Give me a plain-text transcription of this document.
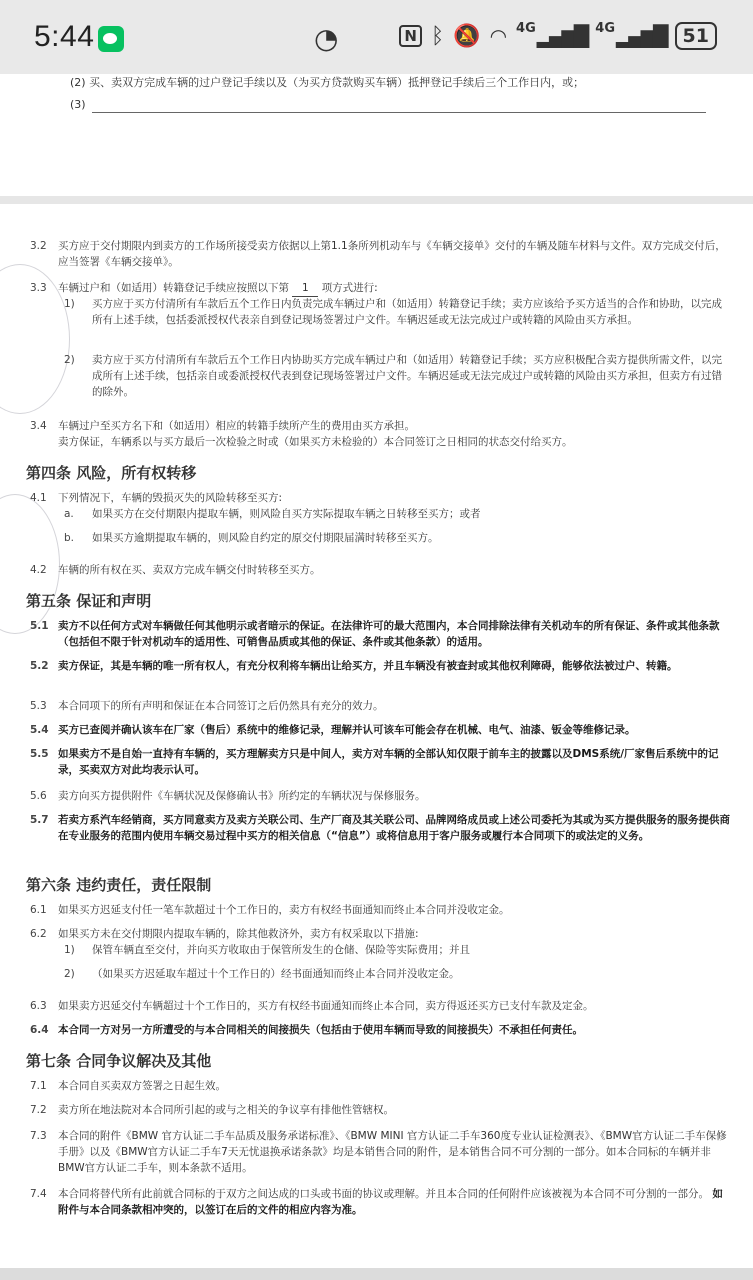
5:44	◔	N ᛒ 🔕 ◠ 4G ▂▄▆█ 4G ▂▄▆█ 51
(2) 买、卖双方完成车辆的过户登记手续以及（为买方贷款购买车辆）抵押登记手续后三个工作日内，或；
(3)
3.2	买方应于交付期限内到卖方的工作场所接受卖方依据以上第1.1条所列机动车与《车辆交接单》交付的车辆及随车材料与文件。双方完成交付后，应当签署《车辆交接单》。
3.3	车辆过户和（如适用）转籍登记手续应按照以下第 1 项方式进行:
1)	买方应于买方付清所有车款后五个工作日内负责完成车辆过户和（如适用）转籍登记手续；卖方应该给予买方适当的合作和协助，以完成所有上述手续，包括委派授权代表亲自到登记现场签署过户文件。车辆迟延或无法完成过户或转籍的风险由买方承担。
2)	卖方应于买方付清所有车款后五个工作日内协助买方完成车辆过户和（如适用）转籍登记手续；买方应积极配合卖方提供所需文件，以完成所有上述手续，包括亲自或委派授权代表到登记现场签署过户文件。车辆迟延或无法完成过户或转籍的风险由买方承担，但卖方有过错的除外。
3.4	车辆过户至买方名下和（如适用）相应的转籍手续所产生的费用由买方承担。
卖方保证，车辆系以与买方最后一次检验之时或（如果买方未检验的）本合同签订之日相同的状态交付给买方。
第四条 风险，所有权转移
4.1	下列情况下，车辆的毁损灭失的风险转移至买方:
a.	如果买方在交付期限内提取车辆，则风险自买方实际提取车辆之日转移至买方；或者
b.	如果买方逾期提取车辆的，则风险自约定的原交付期限届满时转移至买方。
4.2	车辆的所有权在买、卖双方完成车辆交付时转移至买方。
第五条 保证和声明
5.1 卖方不以任何方式对车辆做任何其他明示或者暗示的保证。在法律许可的最大范围内，本合同排除法律有关机动车的所有保证、条件或其他条款（包括但不限于针对机动车的适用性、可销售品质或其他的保证、条件或其他条款）的适用。
5.2 卖方保证，其是车辆的唯一所有权人，有充分权利将车辆出让给买方，并且车辆没有被查封或其他权利障碍，能够依法被过户、转籍。
5.3	本合同项下的所有声明和保证在本合同签订之后仍然具有充分的效力。
5.4 买方已查阅并确认该车在厂家（售后）系统中的维修记录，理解并认可该车可能会存在机械、电气、油漆、钣金等维修记录。
5.5 如果卖方不是自始一直持有车辆的，买方理解卖方只是中间人，卖方对车辆的全部认知仅限于前车主的披露以及DMS系统/厂家售后系统中的记录，买卖双方对此均表示认可。
5.6	卖方向买方提供附件《车辆状况及保修确认书》所约定的车辆状况与保修服务。
5.7 若卖方系汽车经销商，买方同意卖方及卖方关联公司、生产厂商及其关联公司、品牌网络成员或上述公司委托为其或为买方提供服务的服务提供商在专业服务的范围内使用车辆交易过程中买方的相关信息（“信息”）或将信息用于客户服务或履行本合同项下的或法定的义务。
第六条 违约责任，责任限制
6.1	如果买方迟延支付任一笔车款超过十个工作日的，卖方有权经书面通知而终止本合同并没收定金。
6.2	如果买方未在交付期限内提取车辆的，除其他救济外，卖方有权采取以下措施:
1)	保管车辆直至交付，并向买方收取由于保管所发生的仓储、保险等实际费用；并且
2)	（如果买方迟延取车超过十个工作日的）经书面通知而终止本合同并没收定金。
6.3	如果卖方迟延交付车辆超过十个工作日的，买方有权经书面通知而终止本合同，卖方得返还买方已支付车款及定金。
6.4 本合同一方对另一方所遭受的与本合同相关的间接损失（包括由于使用车辆而导致的间接损失）不承担任何责任。
第七条 合同争议解决及其他
7.1	本合同自买卖双方签署之日起生效。
7.2	卖方所在地法院对本合同所引起的或与之相关的争议享有排他性管辖权。
7.3	本合同的附件《BMW 官方认证二手车品质及服务承诺标准》、《BMW MINI 官方认证二手车360度专业认证检测表》、《BMW官方认证二手车保修手册》以及《BMW官方认证二手车7天无忧退换承诺条款》均是本销售合同的附件，是本销售合同不可分割的一部分。如本合同标的车辆并非BMW官方认证二手车，则本条款不适用。
7.4	本合同将替代所有此前就合同标的于双方之间达成的口头或书面的协议或理解。并且本合同的任何附件应该被视为本合同不可分割的一部分。 如附件与本合同条款相冲突的，以签订在后的文件的相应内容为准。
